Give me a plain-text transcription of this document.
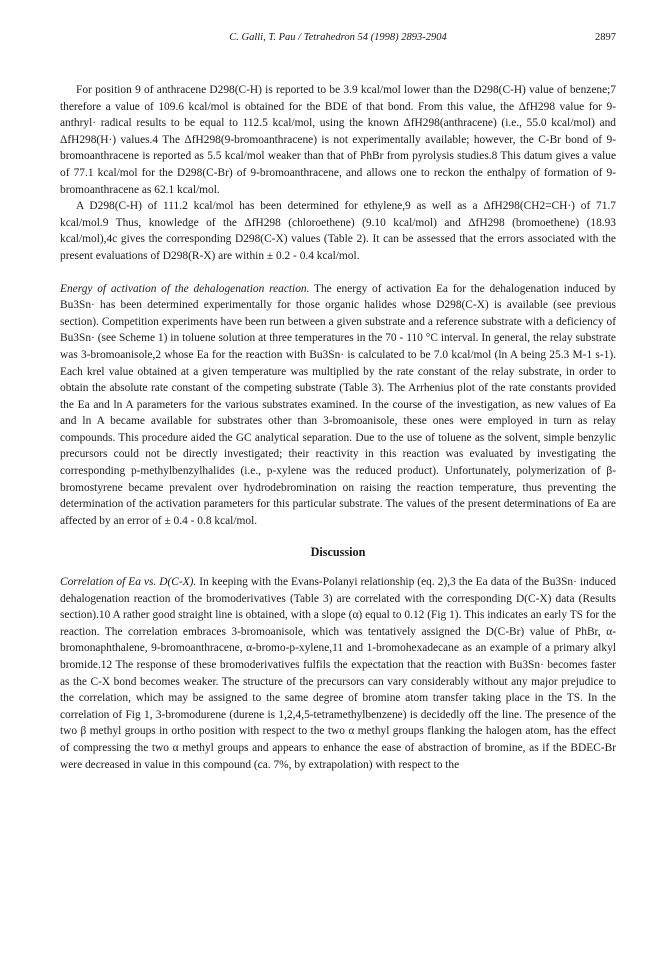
C. Galli, T. Pau / Tetrahedron 54 (1998) 2893-2904	2897

For position 9 of anthracene D298(C-H) is reported to be 3.9 kcal/mol lower than the D298(C-H) value of benzene;7 therefore a value of 109.6 kcal/mol is obtained for the BDE of that bond. From this value, the ΔfH298 value for 9-anthryl· radical results to be equal to 112.5 kcal/mol, using the known ΔfH298(anthracene) (i.e., 55.0 kcal/mol) and ΔfH298(H·) values.4 The ΔfH298(9-bromoanthracene) is not experimentally available; however, the C-Br bond of 9-bromoanthracene is reported as 5.5 kcal/mol weaker than that of PhBr from pyrolysis studies.8 This datum gives a value of 77.1 kcal/mol for the D298(C-Br) of 9-bromoanthracene, and allows one to reckon the enthalpy of formation of 9-bromoanthracene as 62.1 kcal/mol.

A D298(C-H) of 111.2 kcal/mol has been determined for ethylene,9 as well as a ΔfH298(CH2=CH·) of 71.7 kcal/mol.9 Thus, knowledge of the ΔfH298 (chloroethene) (9.10 kcal/mol) and ΔfH298 (bromoethene) (18.93 kcal/mol),4c gives the corresponding D298(C-X) values (Table 2). It can be assessed that the errors associated with the present evaluations of D298(R-X) are within ± 0.2 - 0.4 kcal/mol.

Energy of activation of the dehalogenation reaction. The energy of activation Ea for the dehalogenation induced by Bu3Sn· has been determined experimentally for those organic halides whose D298(C-X) is available (see previous section). Competition experiments have been run between a given substrate and a reference substrate with a deficiency of Bu3Sn· (see Scheme 1) in toluene solution at three temperatures in the 70 - 110 °C interval. In general, the relay substrate was 3-bromoanisole,2 whose Ea for the reaction with Bu3Sn· is calculated to be 7.0 kcal/mol (ln A being 25.3 M-1 s-1). Each krel value obtained at a given temperature was multiplied by the rate constant of the relay substrate, in order to obtain the absolute rate constant of the competing substrate (Table 3). The Arrhenius plot of the rate constants provided the Ea and ln A parameters for the various substrates examined. In the course of the investigation, as new values of Ea and ln A became available for substrates other than 3-bromoanisole, these ones were employed in turn as relay compounds. This procedure aided the GC analytical separation. Due to the use of toluene as the solvent, simple benzylic precursors could not be directly investigated; their reactivity in this reaction was evaluated by investigating the corresponding p-methylbenzylhalides (i.e., p-xylene was the reduced product). Unfortunately, polymerization of β-bromostyrene became prevalent over hydrodebromination on raising the reaction temperature, thus preventing the determination of the activation parameters for this particular substrate. The values of the present determinations of Ea are affected by an error of ± 0.4 - 0.8 kcal/mol.

Discussion

Correlation of Ea vs. D(C-X). In keeping with the Evans-Polanyi relationship (eq. 2),3 the Ea data of the Bu3Sn· induced dehalogenation reaction of the bromoderivatives (Table 3) are correlated with the corresponding D(C-X) data (Results section).10 A rather good straight line is obtained, with a slope (α) equal to 0.12 (Fig 1). This indicates an early TS for the reaction. The correlation embraces 3-bromoanisole, which was tentatively assigned the D(C-Br) value of PhBr, α-bromonaphthalene, 9-bromoanthracene, α-bromo-p-xylene,11 and 1-bromohexadecane as an example of a primary alkyl bromide.12 The response of these bromoderivatives fulfils the expectation that the reaction with Bu3Sn· becomes faster as the C-X bond becomes weaker. The structure of the precursors can vary considerably without any major prejudice to the correlation, which may be assigned to the same degree of bromine atom transfer taking place in the TS. In the correlation of Fig 1, 3-bromodurene (durene is 1,2,4,5-tetramethylbenzene) is decidedly off the line. The presence of the two β methyl groups in ortho position with respect to the two α methyl groups flanking the halogen atom, has the effect of compressing the two α methyl groups and appears to enhance the ease of abstraction of bromine, as if the BDEC-Br were decreased in value in this compound (ca. 7%, by extrapolation) with respect to the
